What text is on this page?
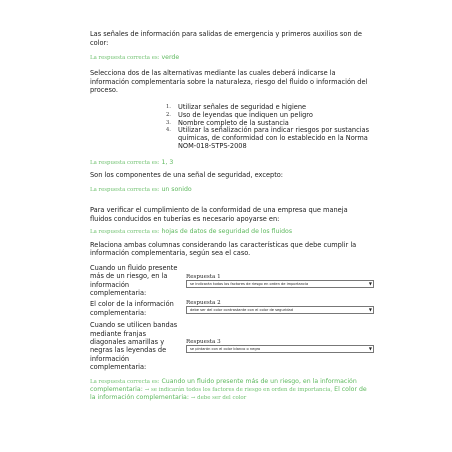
Las señales de información para salidas de emergencia y primeros auxilios son de color:

La respuesta correcta es: verde

Selecciona dos de las alternativas mediante las cuales deberá indicarse la información complementaria sobre la naturaleza, riesgo del fluido o información del proceso.

1. Utilizar señales de seguridad e higiene
2. Uso de leyendas que indiquen un peligro
3. Nombre completo de la sustancia
4. Utilizar la señalización para indicar riesgos por sustancias químicas, de conformidad con lo establecido en la Norma NOM-018-STPS-2008

La respuesta correcta es: 1, 3

Son los componentes de una señal de seguridad, excepto:

La respuesta correcta es: un sonido

Para verificar el cumplimiento de la conformidad de una empresa que maneja fluidos conducidos en tuberías es necesario apoyarse en:

La respuesta correcta es: hojas de datos de seguridad de los fluidos

Relaciona ambas columnas considerando las características que debe cumplir la información complementaria, según sea el caso.

Cuando un fluido presente más de un riesgo, en la información complementaria:
Respuesta 1
se indicarán todos los factores de riesgo en orden de importancia	▼
El color de la información complementaria:
Respuesta 2
debe ser del color contrastante con el color de seguridad	▼
Cuando se utilicen bandas mediante franjas diagonales amarillas y negras las leyendas de información complementaria:
Respuesta 3
se pintarán con el color blanco o negro	▼

La respuesta correcta es: Cuando un fluido presente más de un riesgo, en la información complementaria: → se indicarán todos los factores de riesgo en orden de importancia, El color de la información complementaria: → debe ser del color
